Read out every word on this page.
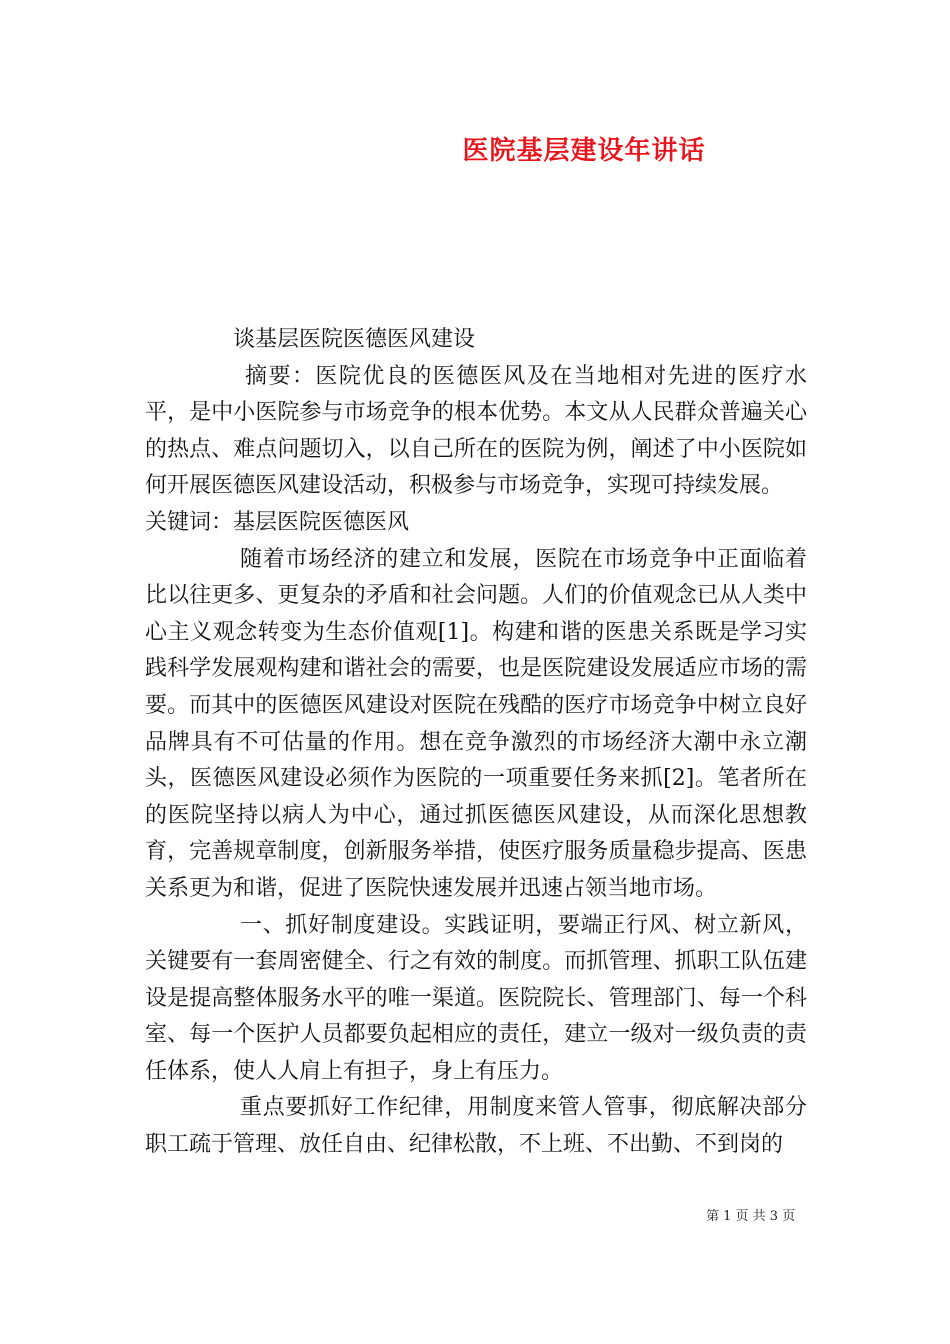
医院基层建设年讲话

谈基层医院医德医风建设

摘要：医院优良的医德医风及在当地相对先进的医疗水平，是中小医院参与市场竞争的根本优势。本文从人民群众普遍关心的热点、难点问题切入，以自己所在的医院为例，阐述了中小医院如何开展医德医风建设活动，积极参与市场竞争，实现可持续发展。

关键词：基层医院医德医风

随着市场经济的建立和发展，医院在市场竞争中正面临着比以往更多、更复杂的矛盾和社会问题。人们的价值观念已从人类中心主义观念转变为生态价值观[1]。构建和谐的医患关系既是学习实践科学发展观构建和谐社会的需要，也是医院建设发展适应市场的需要。而其中的医德医风建设对医院在残酷的医疗市场竞争中树立良好品牌具有不可估量的作用。想在竞争激烈的市场经济大潮中永立潮头，医德医风建设必须作为医院的一项重要任务来抓[2]。笔者所在的医院坚持以病人为中心，通过抓医德医风建设，从而深化思想教育，完善规章制度，创新服务举措，使医疗服务质量稳步提高、医患关系更为和谐，促进了医院快速发展并迅速占领当地市场。

一、抓好制度建设。实践证明，要端正行风、树立新风，关键要有一套周密健全、行之有效的制度。而抓管理、抓职工队伍建设是提高整体服务水平的唯一渠道。医院院长、管理部门、每一个科室、每一个医护人员都要负起相应的责任，建立一级对一级负责的责任体系，使人人肩上有担子，身上有压力。

重点要抓好工作纪律，用制度来管人管事，彻底解决部分职工疏于管理、放任自由、纪律松散，不上班、不出勤、不到岗的

第 1 页 共 3 页
